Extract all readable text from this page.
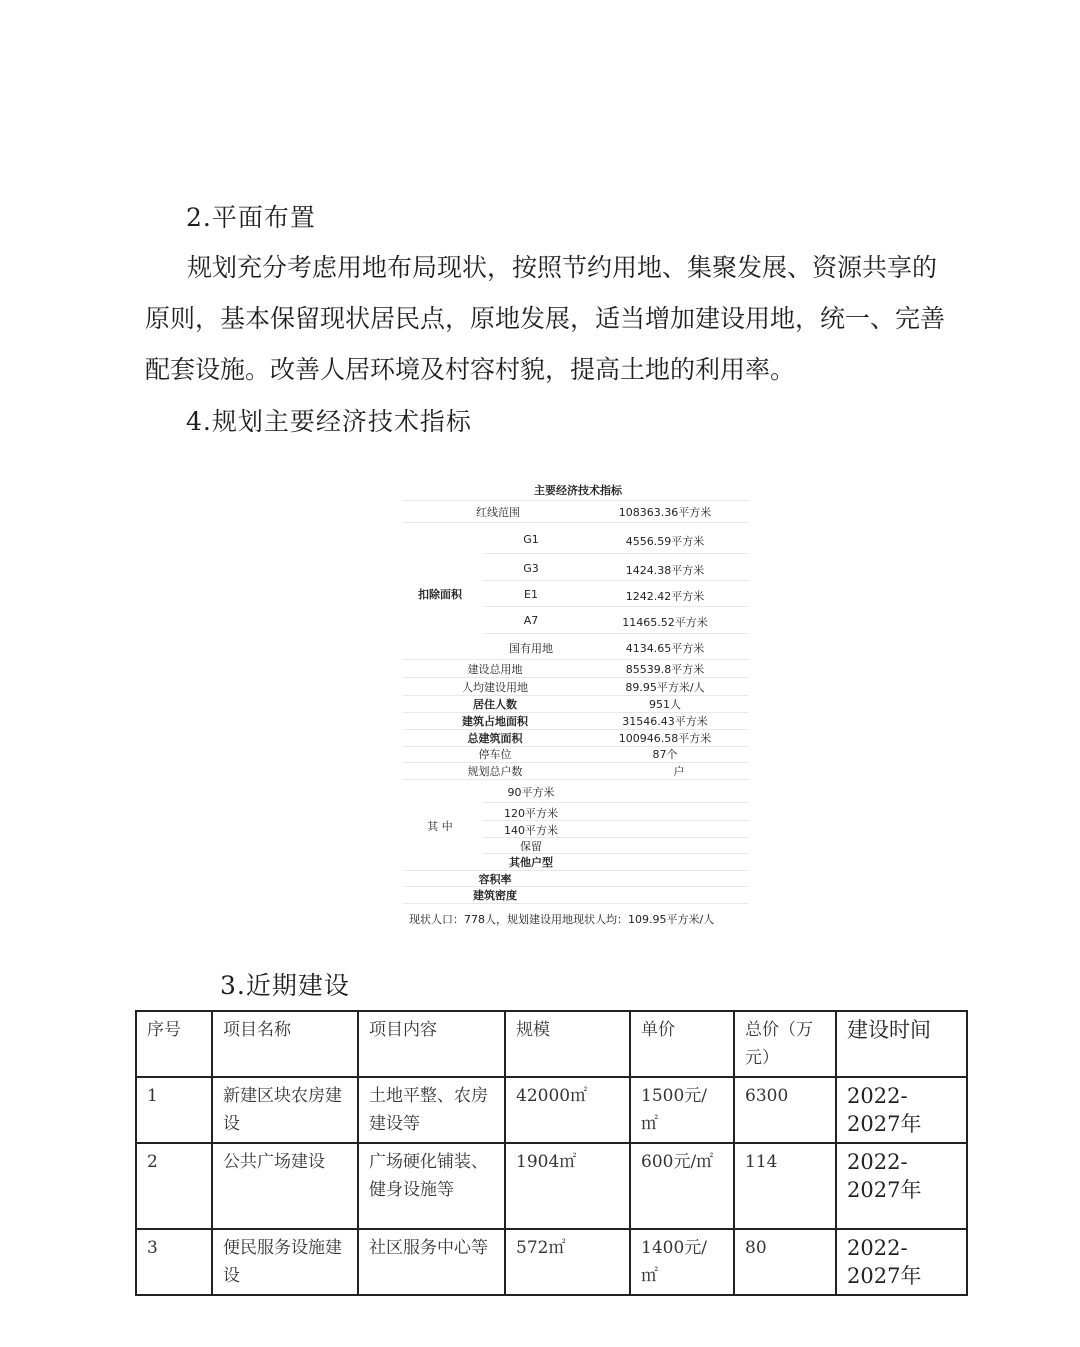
2.平面布置
规划充分考虑用地布局现状，按照节约用地、集聚发展、资源共享的
原则，基本保留现状居民点，原地发展，适当增加建设用地，统一、完善
配套设施。改善人居环境及村容村貌，提高土地的利用率。
4.规划主要经济技术指标
主要经济技术指标
红线范围	108363.36平方米
扣除面积
G1	4556.59平方米
G3	1424.38平方米
E1	1242.42平方米
A7	11465.52平方米
国有用地	4134.65平方米
建设总用地	85539.8平方米
人均建设用地	89.95平方米/人
居住人数	951人
建筑占地面积	31546.43平方米
总建筑面积	100946.58平方米
停车位	87个
规划总户数	户
其 中
90平方米
120平方米
140平方米
保留
其他户型
容积率
建筑密度
现状人口：778人，规划建设用地现状人均：109.95平方米/人
3.近期建设
序号	项目名称	项目内容	规模	单价	总价（万元）	建设时间
1	新建区块农房建设	土地平整、农房建设等	42000㎡	1500元/㎡	6300	2022-2027年
2	公共广场建设	广场硬化铺装、健身设施等	1904㎡	600元/㎡	114	2022-2027年
3	便民服务设施建设	社区服务中心等	572㎡	1400元/㎡	80	2022-2027年
